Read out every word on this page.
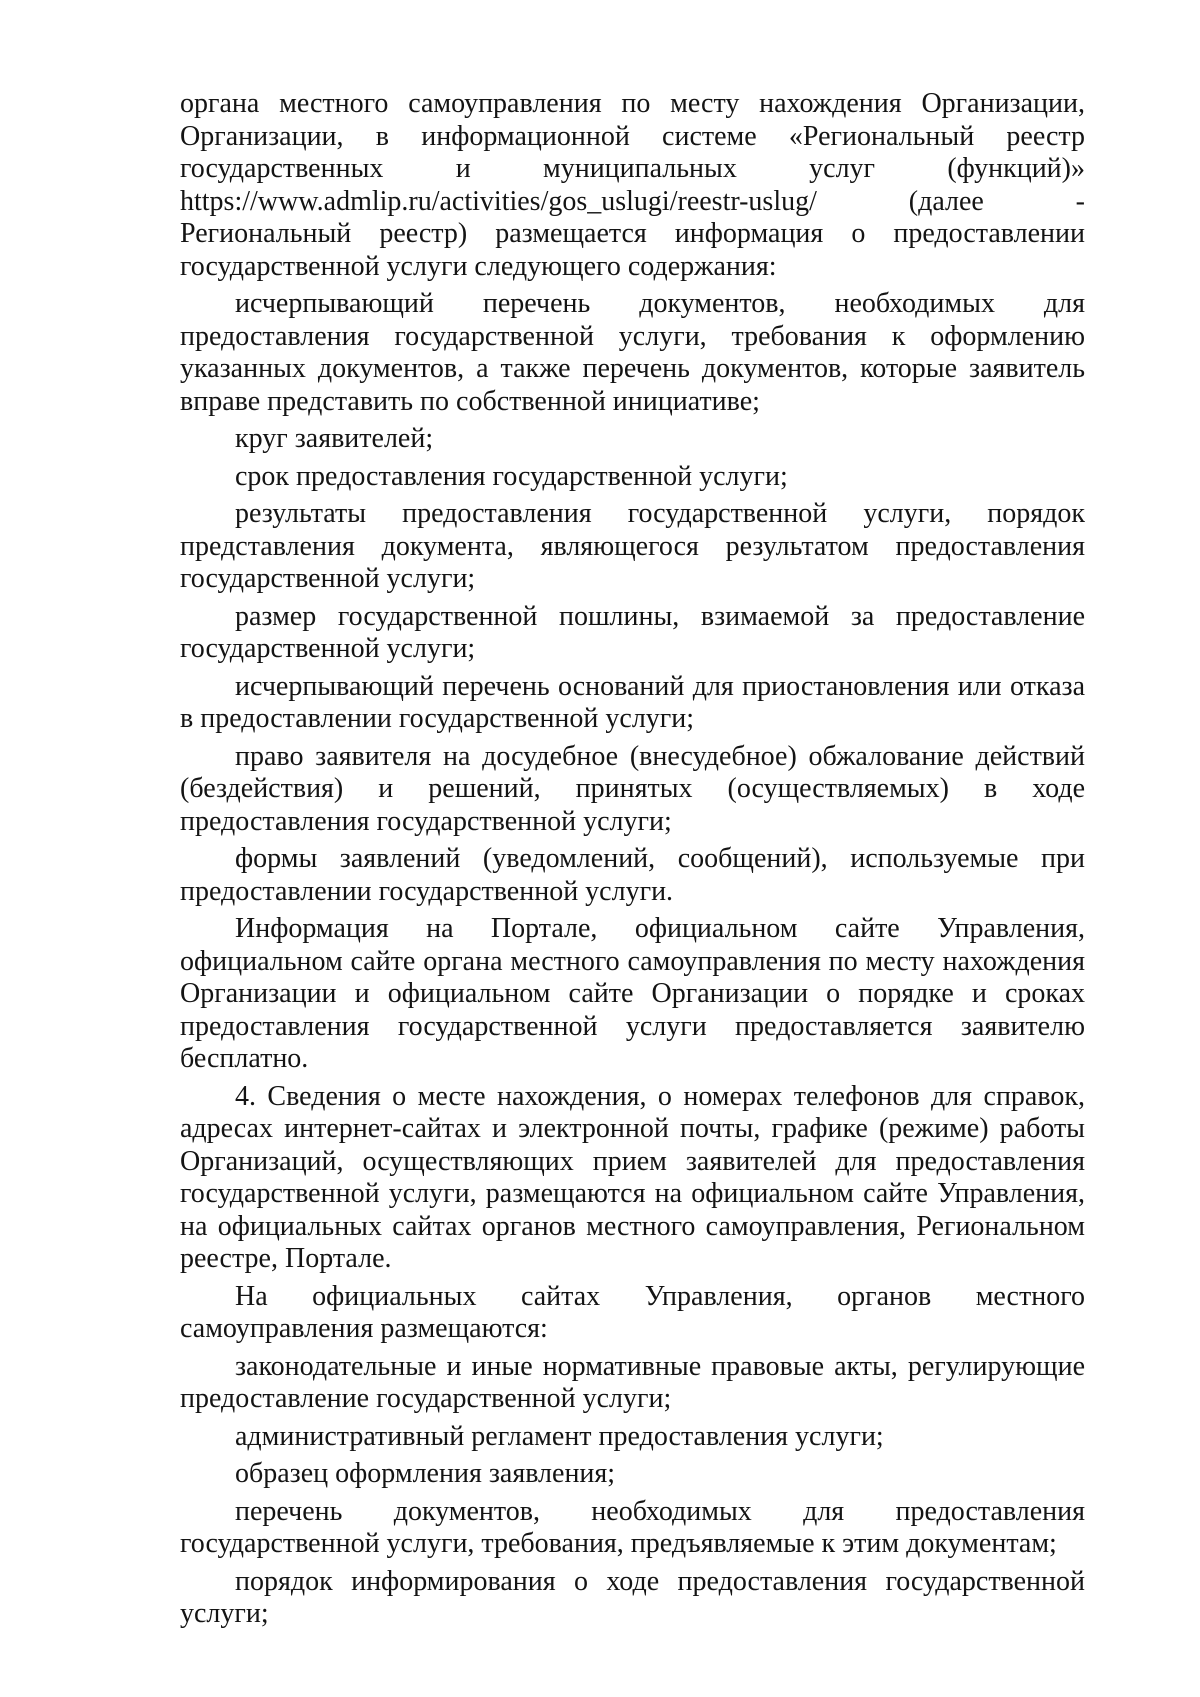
органа местного самоуправления по месту нахождения Организации, Организации, в информационной системе «Региональный реестр государственных и муниципальных услуг (функций)» https://www.admlip.ru/activities/gos_uslugi/reestr-uslug/ (далее - Региональный реестр) размещается информация о предоставлении государственной услуги следующего содержания:

исчерпывающий перечень документов, необходимых для предоставления государственной услуги, требования к оформлению указанных документов, а также перечень документов, которые заявитель вправе представить по собственной инициативе;

круг заявителей;

срок предоставления государственной услуги;

результаты предоставления государственной услуги, порядок представления документа, являющегося результатом предоставления государственной услуги;

размер государственной пошлины, взимаемой за предоставление государственной услуги;

исчерпывающий перечень оснований для приостановления или отказа в предоставлении государственной услуги;

право заявителя на досудебное (внесудебное) обжалование действий (бездействия) и решений, принятых (осуществляемых) в ходе предоставления государственной услуги;

формы заявлений (уведомлений, сообщений), используемые при предоставлении государственной услуги.

Информация на Портале, официальном сайте Управления, официальном сайте органа местного самоуправления по месту нахождения Организации и официальном сайте Организации о порядке и сроках предоставления государственной услуги предоставляется заявителю бесплатно.

4. Сведения о месте нахождения, о номерах телефонов для справок, адресах интернет-сайтах и электронной почты, графике (режиме) работы Организаций, осуществляющих прием заявителей для предоставления государственной услуги, размещаются на официальном сайте Управления, на официальных сайтах органов местного самоуправления, Региональном реестре, Портале.

На официальных сайтах Управления, органов местного самоуправления размещаются:

законодательные и иные нормативные правовые акты, регулирующие предоставление государственной услуги;

административный регламент предоставления услуги;

образец оформления заявления;

перечень документов, необходимых для предоставления государственной услуги, требования, предъявляемые к этим документам;

порядок информирования о ходе предоставления государственной услуги;
